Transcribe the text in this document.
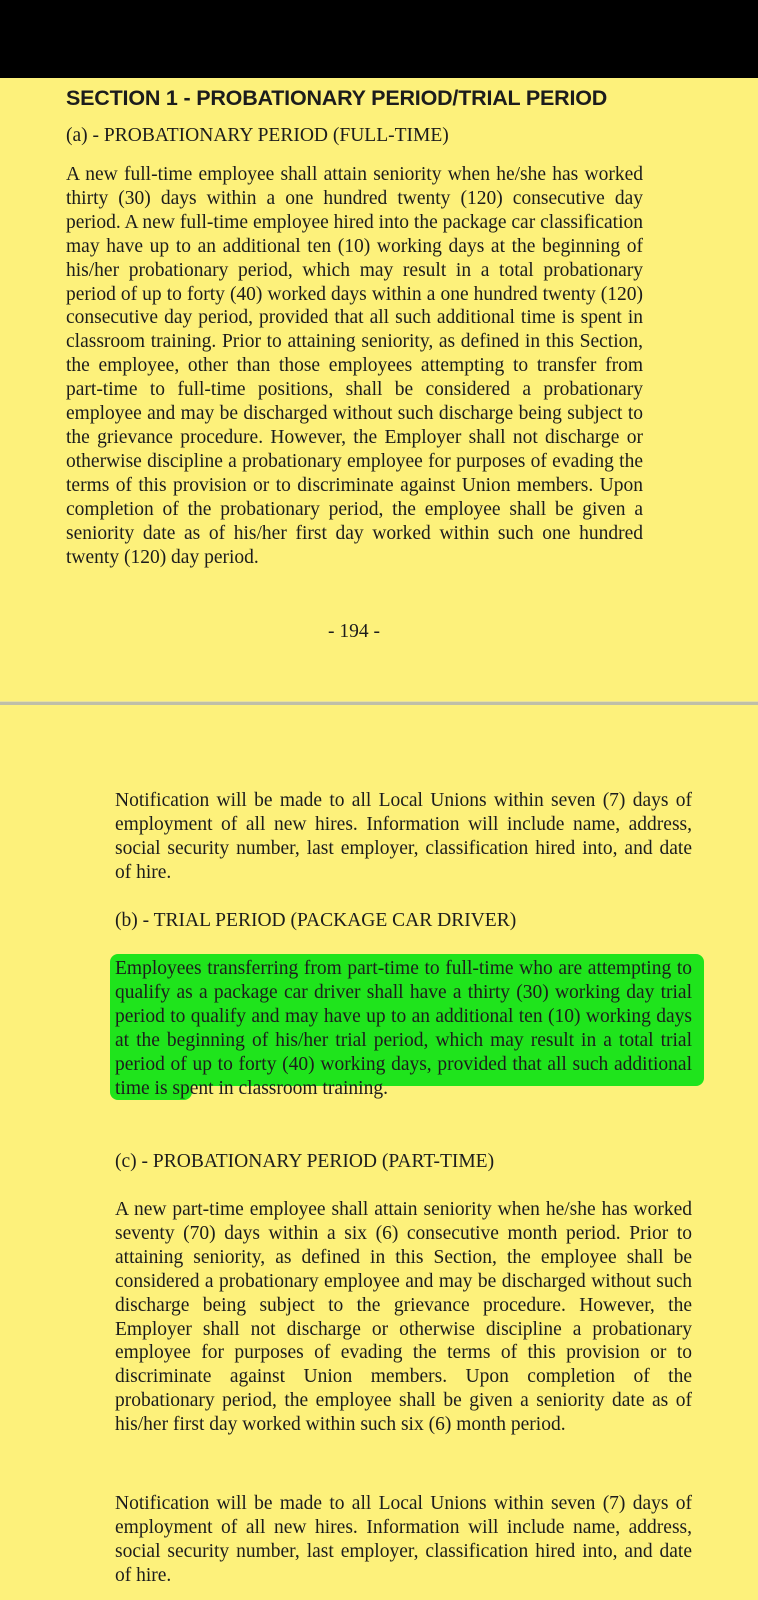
SECTION 1 - PROBATIONARY PERIOD/TRIAL PERIOD
(a) - PROBATIONARY PERIOD (FULL-TIME)

A new full-time employee shall attain seniority when he/she has worked thirty (30) days within a one hundred twenty (120) consecutive day period. A new full-time employee hired into the package car classification may have up to an additional ten (10) working days at the beginning of his/her probationary period, which may result in a total probationary period of up to forty (40) worked days within a one hundred twenty (120) consecutive day period, provided that all such additional time is spent in classroom training. Prior to attaining seniority, as defined in this Section, the employee, other than those employees attempting to transfer from part-time to full-time positions, shall be considered a probationary employee and may be discharged without such discharge being subject to the grievance procedure. However, the Employer shall not discharge or otherwise discipline a probationary employee for purposes of evading the terms of this provision or to discriminate against Union members. Upon completion of the probationary period, the employee shall be given a seniority date as of his/her first day worked within such one hundred twenty (120) day period.

- 194 -

Notification will be made to all Local Unions within seven (7) days of employment of all new hires. Information will include name, address, social security number, last employer, classification hired into, and date of hire.

(b) - TRIAL PERIOD (PACKAGE CAR DRIVER)

Employees transferring from part-time to full-time who are attempting to qualify as a package car driver shall have a thirty (30) working day trial period to qualify and may have up to an additional ten (10) working days at the beginning of his/her trial period, which may result in a total trial period of up to forty (40) working days, provided that all such additional time is spent in classroom training.

(c) - PROBATIONARY PERIOD (PART-TIME)

A new part-time employee shall attain seniority when he/she has worked seventy (70) days within a six (6) consecutive month period. Prior to attaining seniority, as defined in this Section, the employee shall be considered a probationary employee and may be discharged without such discharge being subject to the grievance procedure. However, the Employer shall not discharge or otherwise discipline a probationary employee for purposes of evading the terms of this provision or to discriminate against Union members. Upon completion of the probationary period, the employee shall be given a seniority date as of his/her first day worked within such six (6) month period.

Notification will be made to all Local Unions within seven (7) days of employment of all new hires. Information will include name, address, social security number, last employer, classification hired into, and date of hire.
